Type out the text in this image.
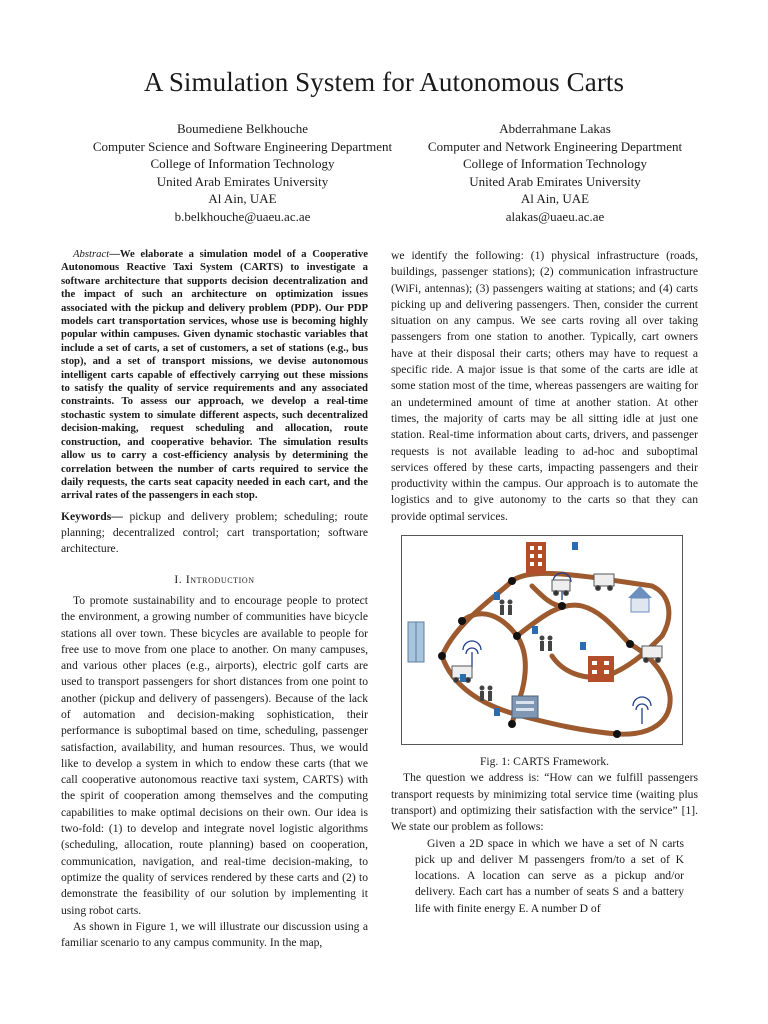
A Simulation System for Autonomous Carts
Boumediene Belkhouche
Computer Science and Software Engineering Department
College of Information Technology
United Arab Emirates University
Al Ain, UAE
b.belkhouche@uaeu.ac.ae
Abderrahmane Lakas
Computer and Network Engineering Department
College of Information Technology
United Arab Emirates University
Al Ain, UAE
alakas@uaeu.ac.ae

Abstract—We elaborate a simulation model of a Cooperative Autonomous Reactive Taxi System (CARTS) to investigate a software architecture that supports decision decentralization and the impact of such an architecture on optimization issues associated with the pickup and delivery problem (PDP). Our PDP models cart transportation services, whose use is becoming highly popular within campuses. Given dynamic stochastic variables that include a set of carts, a set of customers, a set of stations (e.g., bus stop), and a set of transport missions, we devise autonomous intelligent carts capable of effectively carrying out these missions to satisfy the quality of service requirements and any associated constraints. To assess our approach, we develop a real-time stochastic system to simulate different aspects, such decentralized decision-making, request scheduling and allocation, route construction, and cooperative behavior. The simulation results allow us to carry a cost-efficiency analysis by determining the correlation between the number of carts required to service the daily requests, the carts seat capacity needed in each cart, and the arrival rates of the passengers in each stop.

Keywords— pickup and delivery problem; scheduling; route planning; decentralized control; cart transportation; software architecture.

I. Introduction

To promote sustainability and to encourage people to protect the environment, a growing number of communities have bicycle stations all over town. These bicycles are available to people for free use to move from one place to another. On many campuses, and various other places (e.g., airports), electric golf carts are used to transport passengers for short distances from one point to another (pickup and delivery of passengers). Because of the lack of automation and decision-making sophistication, their performance is suboptimal based on time, scheduling, passenger satisfaction, availability, and human resources. Thus, we would like to develop a system in which to endow these carts (that we call cooperative autonomous reactive taxi system, CARTS) with the spirit of cooperation among themselves and the computing capabilities to make optimal decisions on their own. Our idea is two-fold: (1) to develop and integrate novel logistic algorithms (scheduling, allocation, route planning) based on cooperation, communication, navigation, and real-time decision-making, to optimize the quality of services rendered by these carts and (2) to demonstrate the feasibility of our solution by implementing it using robot carts.

As shown in Figure 1, we will illustrate our discussion using a familiar scenario to any campus community. In the map,

we identify the following: (1) physical infrastructure (roads, buildings, passenger stations); (2) communication infrastructure (WiFi, antennas); (3) passengers waiting at stations; and (4) carts picking up and delivering passengers. Then, consider the current situation on any campus. We see carts roving all over taking passengers from one station to another. Typically, cart owners have at their disposal their carts; others may have to request a specific ride. A major issue is that some of the carts are idle at some station most of the time, whereas passengers are waiting for an undetermined amount of time at another station. At other times, the majority of carts may be all sitting idle at just one station. Real-time information about carts, drivers, and passenger requests is not available leading to ad-hoc and suboptimal services offered by these carts, impacting passengers and their productivity within the campus. Our approach is to automate the logistics and to give autonomy to the carts so that they can provide optimal services.

Fig. 1: CARTS Framework.

The question we address is: “How can we fulfill passengers transport requests by minimizing total service time (waiting plus transport) and optimizing their satisfaction with the service” [1]. We state our problem as follows:

Given a 2D space in which we have a set of N carts pick up and deliver M passengers from/to a set of K locations. A location can serve as a pickup and/or delivery. Each cart has a number of seats S and a battery life with finite energy E. A number D of
